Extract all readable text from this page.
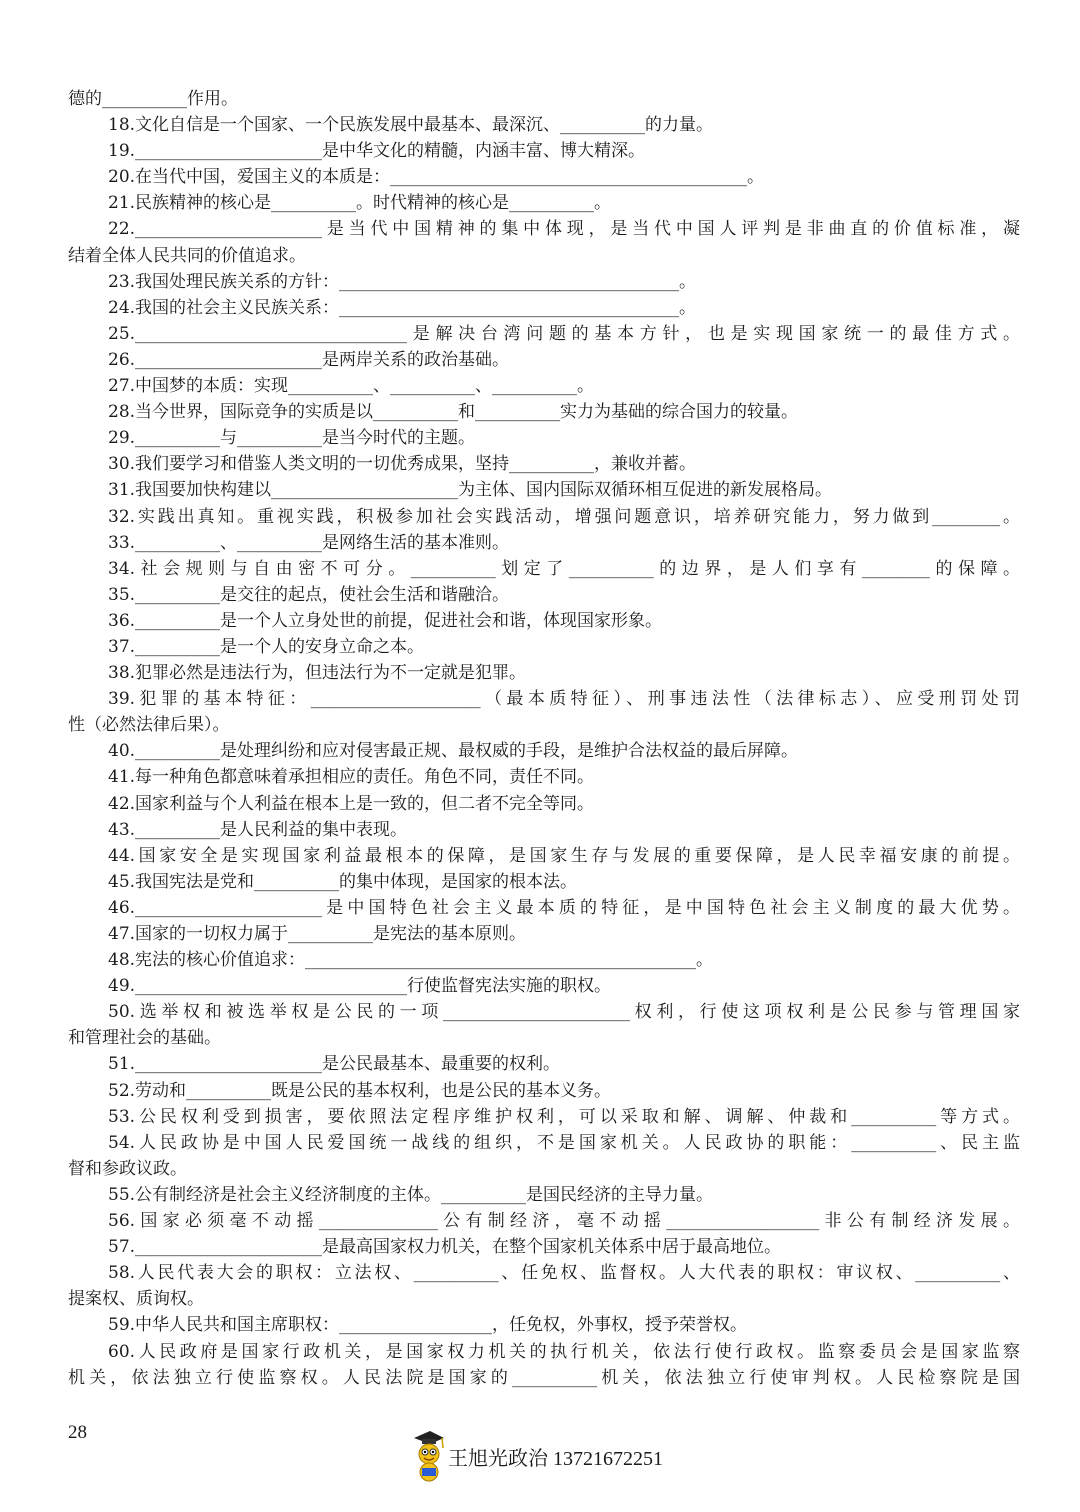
德的__________作用。
18.文化自信是一个国家、一个民族发展中最基本、最深沉、__________的力量。
19.______________________是中华文化的精髓，内涵丰富、博大精深。
20.在当代中国，爱国主义的本质是：__________________________________________。
21.民族精神的核心是__________。时代精神的核心是__________。
22.______________________是当代中国精神的集中体现，是当代中国人评判是非曲直的价值标准，凝
结着全体人民共同的价值追求。
23.我国处理民族关系的方针：________________________________________。
24.我国的社会主义民族关系：________________________________________。
25.________________________________是解决台湾问题的基本方针，也是实现国家统一的最佳方式。
26.______________________是两岸关系的政治基础。
27.中国梦的本质：实现__________、__________、__________。
28.当今世界，国际竞争的实质是以__________和__________实力为基础的综合国力的较量。
29.__________与__________是当今时代的主题。
30.我们要学习和借鉴人类文明的一切优秀成果，坚持__________，兼收并蓄。
31.我国要加快构建以______________________为主体、国内国际双循环相互促进的新发展格局。
32.实践出真知。重视实践，积极参加社会实践活动，增强问题意识，培养研究能力，努力做到________。
33.__________、__________是网络生活的基本准则。
34.社会规则与自由密不可分。__________划定了__________的边界，是人们享有________的保障。
35.__________是交往的起点，使社会生活和谐融洽。
36.__________是一个人立身处世的前提，促进社会和谐，体现国家形象。
37.__________是一个人的安身立命之本。
38.犯罪必然是违法行为，但违法行为不一定就是犯罪。
39.犯罪的基本特征：____________________（最本质特征）、刑事违法性（法律标志）、应受刑罚处罚
性（必然法律后果）。
40.__________是处理纠纷和应对侵害最正规、最权威的手段，是维护合法权益的最后屏障。
41.每一种角色都意味着承担相应的责任。角色不同，责任不同。
42.国家利益与个人利益在根本上是一致的，但二者不完全等同。
43.__________是人民利益的集中表现。
44.国家安全是实现国家利益最根本的保障，是国家生存与发展的重要保障，是人民幸福安康的前提。
45.我国宪法是党和__________的集中体现，是国家的根本法。
46.______________________是中国特色社会主义最本质的特征，是中国特色社会主义制度的最大优势。
47.国家的一切权力属于__________是宪法的基本原则。
48.宪法的核心价值追求：______________________________________________。
49.________________________________行使监督宪法实施的职权。
50.选举权和被选举权是公民的一项______________________权利，行使这项权利是公民参与管理国家
和管理社会的基础。
51.______________________是公民最基本、最重要的权利。
52.劳动和__________既是公民的基本权利，也是公民的基本义务。
53.公民权利受到损害，要依照法定程序维护权利，可以采取和解、调解、仲裁和__________等方式。
54.人民政协是中国人民爱国统一战线的组织，不是国家机关。人民政协的职能：__________、民主监
督和参政议政。
55.公有制经济是社会主义经济制度的主体。__________是国民经济的主导力量。
56.国家必须毫不动摇______________公有制经济，毫不动摇__________________非公有制经济发展。
57.______________________是最高国家权力机关，在整个国家机关体系中居于最高地位。
58.人民代表大会的职权：立法权、__________、任免权、监督权。人大代表的职权：审议权、__________、
提案权、质询权。
59.中华人民共和国主席职权：__________________，任免权，外事权，授予荣誉权。
60.人民政府是国家行政机关，是国家权力机关的执行机关，依法行使行政权。监察委员会是国家监察
机关，依法独立行使监察权。人民法院是国家的__________机关，依法独立行使审判权。人民检察院是国
28
王旭光政治 13721672251
